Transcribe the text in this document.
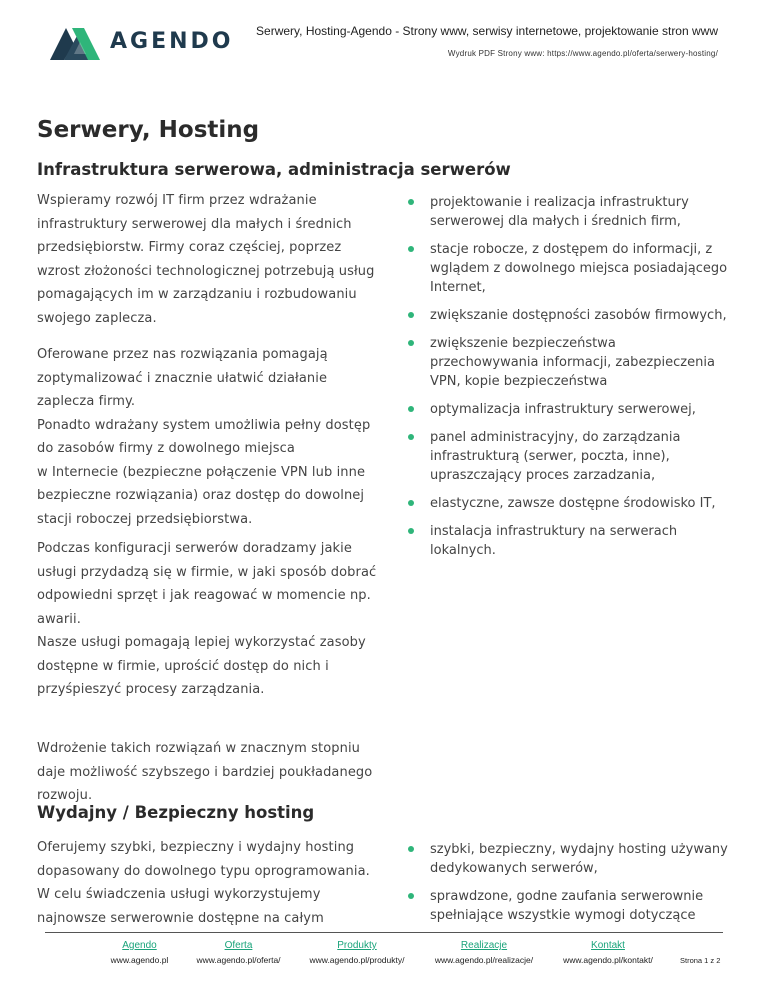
AGENDO Serwery, Hosting-Agendo - Strony www, serwisy internetowe, projektowanie stron www
Wydruk PDF Strony www: https://www.agendo.pl/oferta/serwery-hosting/
Serwery, Hosting
Infrastruktura serwerowa, administracja serwerów

Wspieramy rozwój IT firm przez wdrażanie infrastruktury serwerowej dla małych i średnich przedsiębiorstw. Firmy coraz częściej, poprzez wzrost złożoności technologicznej potrzebują usług pomagających im w zarządzaniu i rozbudowaniu swojego zaplecza.

Oferowane przez nas rozwiązania pomagają zoptymalizować i znacznie ułatwić działanie zaplecza firmy.

Ponadto wdrażany system umożliwia pełny dostęp do zasobów firmy z dowolnego miejsca

w Internecie (bezpieczne połączenie VPN lub inne bezpieczne rozwiązania) oraz dostęp do dowolnej stacji roboczej przedsiębiorstwa.

Podczas konfiguracji serwerów doradzamy jakie usługi przydadzą się w firmie, w jaki sposób dobrać odpowiedni sprzęt i jak reagować w momencie np. awarii.

Nasze usługi pomagają lepiej wykorzystać zasoby dostępne w firmie, uprościć dostęp do nich i przyśpieszyć procesy zarządzania.

Wdrożenie takich rozwiązań w znacznym stopniu daje możliwość szybszego i bardziej poukładanego rozwoju.

projektowanie i realizacja infrastruktury serwerowej dla małych i średnich firm,
stacje robocze, z dostępem do informacji, z wglądem z dowolnego miejsca posiadającego Internet,
zwiększanie dostępności zasobów firmowych,
zwiększenie bezpieczeństwa przechowywania informacji, zabezpieczenia VPN, kopie bezpieczeństwa
optymalizacja infrastruktury serwerowej,
panel administracyjny, do zarządzania infrastrukturą (serwer, poczta, inne), upraszczający proces zarzadzania,
elastyczne, zawsze dostępne środowisko IT,
instalacja infrastruktury na serwerach lokalnych.
Wydajny / Bezpieczny hosting

Oferujemy szybki, bezpieczny i wydajny hosting dopasowany do dowolnego typu oprogramowania. W celu świadczenia usługi wykorzystujemy najnowsze serwerownie dostępne na całym

szybki, bezpieczny, wydajny hosting używany dedykowanych serwerów,
sprawdzone, godne zaufania serwerownie spełniające wszystkie wymogi dotyczące
Agendo
www.agendo.pl
Oferta
www.agendo.pl/oferta/
Produkty
www.agendo.pl/produkty/
Realizacje
www.agendo.pl/realizacje/
Kontakt
www.agendo.pl/kontakt/	Strona 1 z 2
